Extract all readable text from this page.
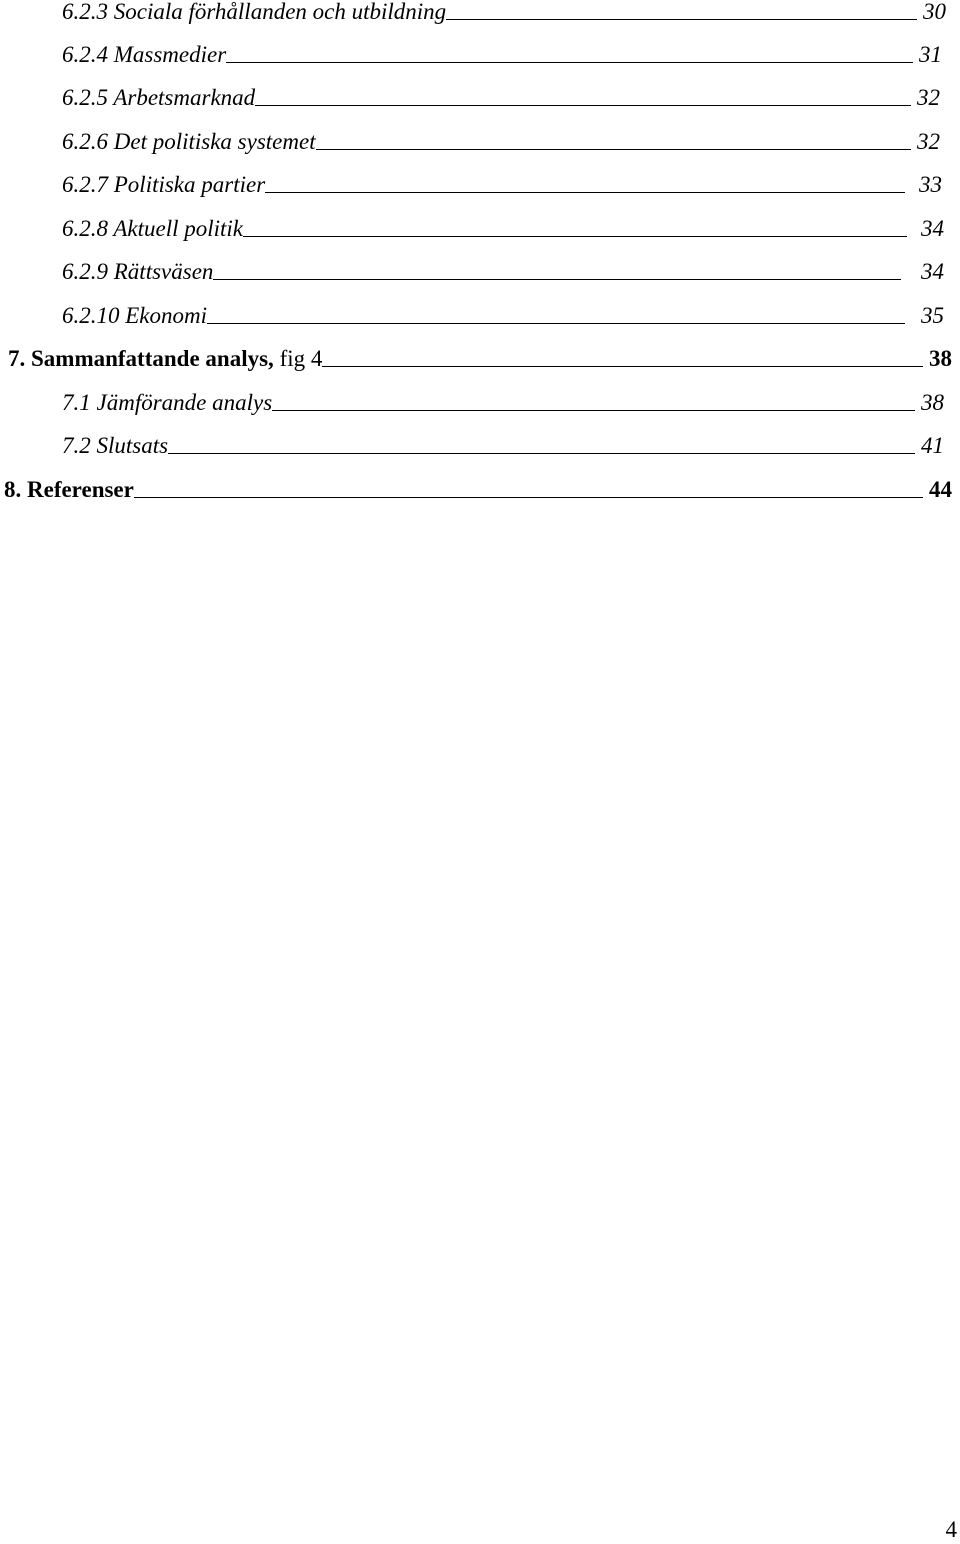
6.2.3 Sociala förhållanden och utbildning	30
6.2.4 Massmedier	31
6.2.5 Arbetsmarknad	32
6.2.6 Det politiska systemet	32
6.2.7 Politiska partier	33
6.2.8 Aktuell politik	34
6.2.9 Rättsväsen	34
6.2.10 Ekonomi	35
7. Sammanfattande analys, fig 4	38
7.1 Jämförande analys	38
7.2 Slutsats	41
8. Referenser	44
4
